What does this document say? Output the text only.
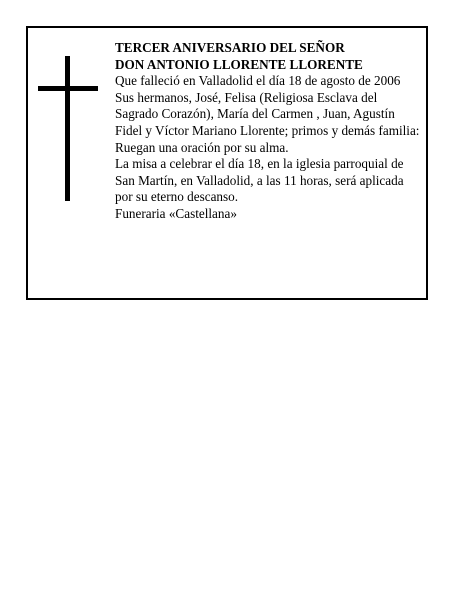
TERCER ANIVERSARIO DEL SEÑOR
DON ANTONIO LLORENTE LLORENTE

Que falleció en Valladolid el día 18 de agosto de 2006

Sus hermanos, José, Felisa (Religiosa Esclava del Sagrado Corazón), María del Carmen , Juan, Agustín Fidel y Víctor Mariano Llorente; primos y demás familia:

Ruegan una oración por su alma.

La misa a celebrar el día 18, en la iglesia parroquial de San Martín, en Valladolid, a las 11 horas, será aplicada por su eterno descanso.

Funeraria «Castellana»
